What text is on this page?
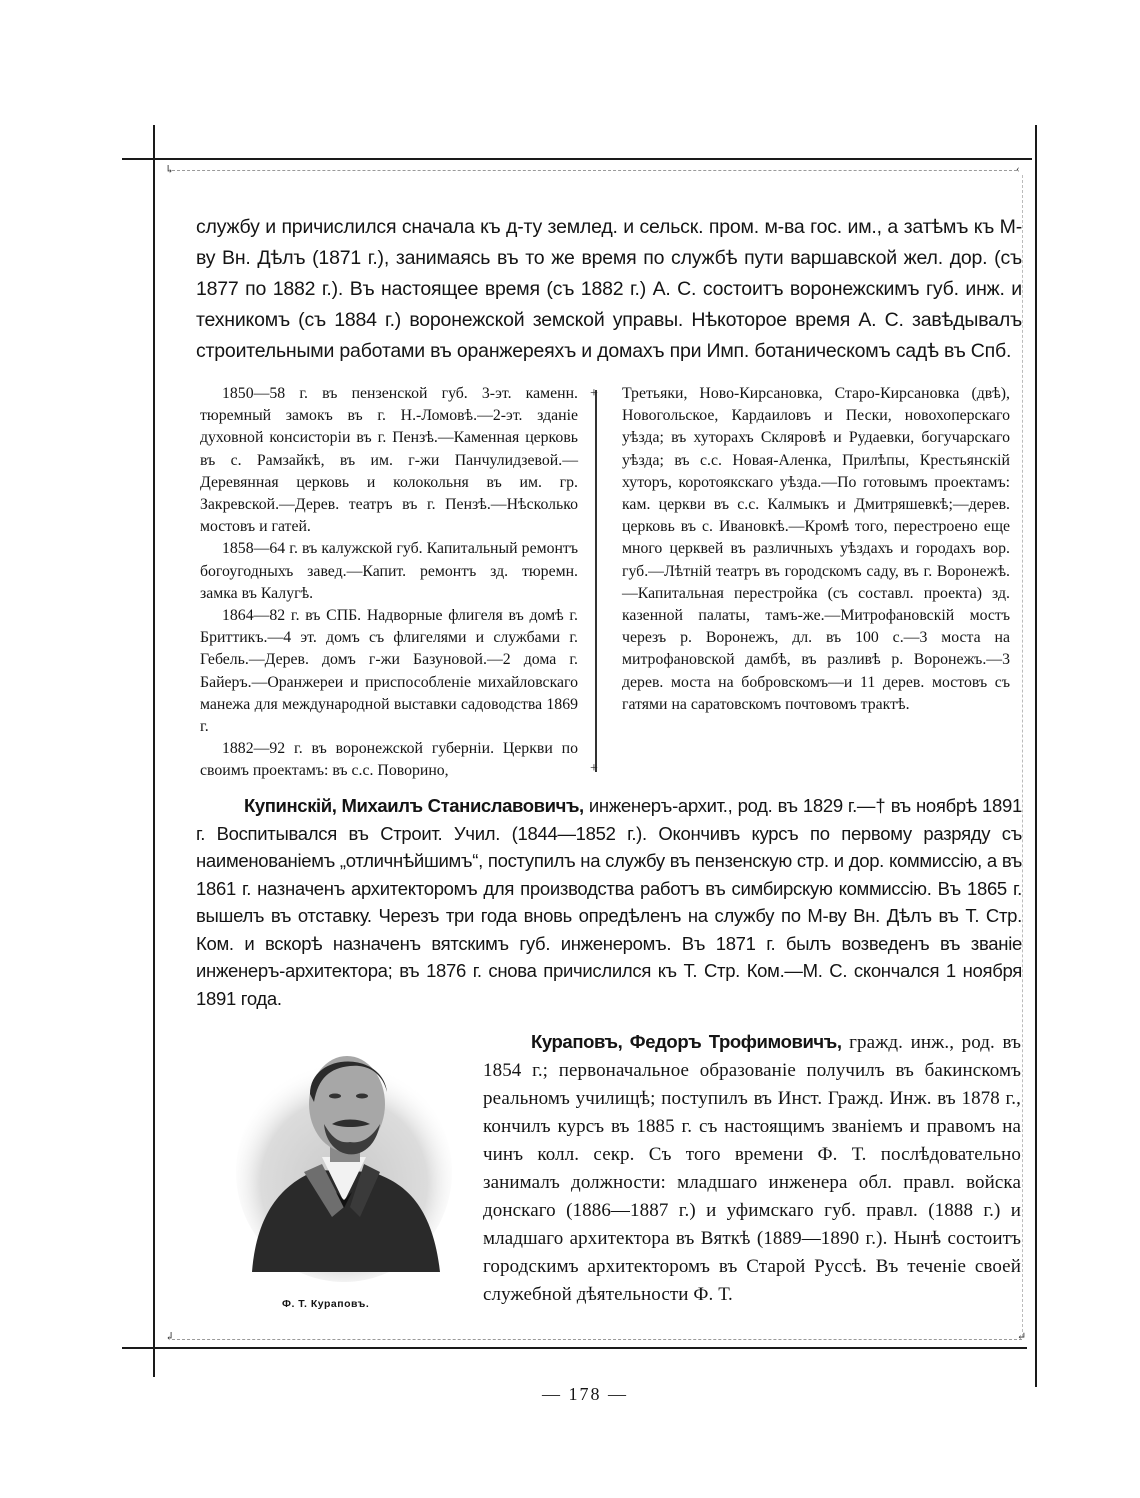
↳	‹
↲	↵
службу и причислился сначала къ д-ту землед. и сельск. пром. м-ва гос. им., а затѣмъ къ М-ву Вн. Дѣлъ (1871 г.), занимаясь въ то же время по службѣ пути варшавской жел. дор. (съ 1877 по 1882 г.). Въ настоящее время (съ 1882 г.) А. С. состоитъ воронежскимъ губ. инж. и техникомъ (съ 1884 г.) воронежской земской управы. Нѣкоторое время А. С. завѣдывалъ строительными работами въ оранжереяхъ и домахъ при Имп. ботаническомъ садѣ въ Спб.

1850—58 г. въ пензенской губ. 3-эт. каменн. тюремный замокъ въ г. Н.-Ломовѣ.—2-эт. зданіе духовной консисторіи въ г. Пензѣ.—Каменная церковь въ с. Рамзайкѣ, въ им. г-жи Панчулидзевой.—Деревянная церковь и колокольня въ им. гр. Закревской.—Дерев. театръ въ г. Пензѣ.—Нѣсколько мостовъ и гатей.

1858—64 г. въ калужской губ. Капитальный ремонтъ богоугодныхъ завед.—Капит. ремонтъ зд. тюремн. замка въ Калугѣ.

1864—82 г. въ СПБ. Надворные флигеля въ домѣ г. Бриттикъ.—4 эт. домъ съ флигелями и службами г. Гебель.—Дерев. домъ г-жи Базуновой.—2 дома г. Байеръ.—Оранжереи и приспособленіе михайловскаго манежа для международной выставки садоводства 1869 г.

1882—92 г. въ воронежской губерніи. Церкви по своимъ проектамъ: въ с.с. Поворино,

+
+

Третьяки, Ново-Кирсановка, Старо-Кирсановка (двѣ), Новогольское, Кардаиловъ и Пески, новохоперскаго уѣзда; въ хуторахъ Скляровѣ и Рудаевки, богучарскаго уѣзда; въ с.с. Новая-Аленка, Прилѣпы, Крестьянскій хуторъ, коротоякскаго уѣзда.—По готовымъ проектамъ: кам. церкви въ с.с. Калмыкъ и Дмитряшевкѣ;—дерев. церковь въ с. Ивановкѣ.—Кромѣ того, перестроено еще много церквей въ различныхъ уѣздахъ и городахъ вор. губ.—Лѣтній театръ въ городскомъ саду, въ г. Воронежѣ.—Капитальная перестройка (съ составл. проекта) зд. казенной палаты, тамъ-же.—Митрофановскій мостъ черезъ р. Воронежъ, дл. въ 100 с.—3 моста на митрофановской дамбѣ, въ разливѣ р. Воронежъ.—3 дерев. моста на бобровскомъ—и 11 дерев. мостовъ съ гатями на саратовскомъ почтовомъ трактѣ.

Купинскій, Михаилъ Станиславовичъ, инженеръ-архит., род. въ 1829 г.—† въ ноябрѣ 1891 г. Воспитывался въ Строит. Учил. (1844—1852 г.). Окончивъ курсъ по первому разряду съ наименованіемъ „отличнѣйшимъ“, поступилъ на службу въ пензенскую стр. и дор. коммиссію, а въ 1861 г. назначенъ архитекторомъ для производства работъ въ симбирскую коммиссію. Въ 1865 г. вышелъ въ отставку. Черезъ три года вновь опредѣленъ на службу по М-ву Вн. Дѣлъ въ Т. Стр. Ком. и вскорѣ назначенъ вятскимъ губ. инженеромъ. Въ 1871 г. былъ возведенъ въ званіе инженеръ-архитектора; въ 1876 г. снова причислился къ Т. Стр. Ком.—М. С. скончался 1 ноября 1891 года.
Ф. Т. Кураповъ.
Кураповъ, Федоръ Трофимовичъ, гражд. инж., род. въ 1854 г.; первоначальное образованіе получилъ въ бакинскомъ реальномъ училищѣ; поступилъ въ Инст. Гражд. Инж. въ 1878 г., кончилъ курсъ въ 1885 г. съ настоящимъ званіемъ и правомъ на чинъ колл. секр. Съ того времени Ф. Т. послѣдовательно занималъ должности: младшаго инженера обл. правл. войска донскаго (1886—1887 г.) и уфимскаго губ. правл. (1888 г.) и младшаго архитектора въ Вяткѣ (1889—1890 г.). Нынѣ состоитъ городскимъ архитекторомъ въ Старой Руссѣ. Въ теченіе своей служебной дѣятельности Ф. Т.
— 178 —
